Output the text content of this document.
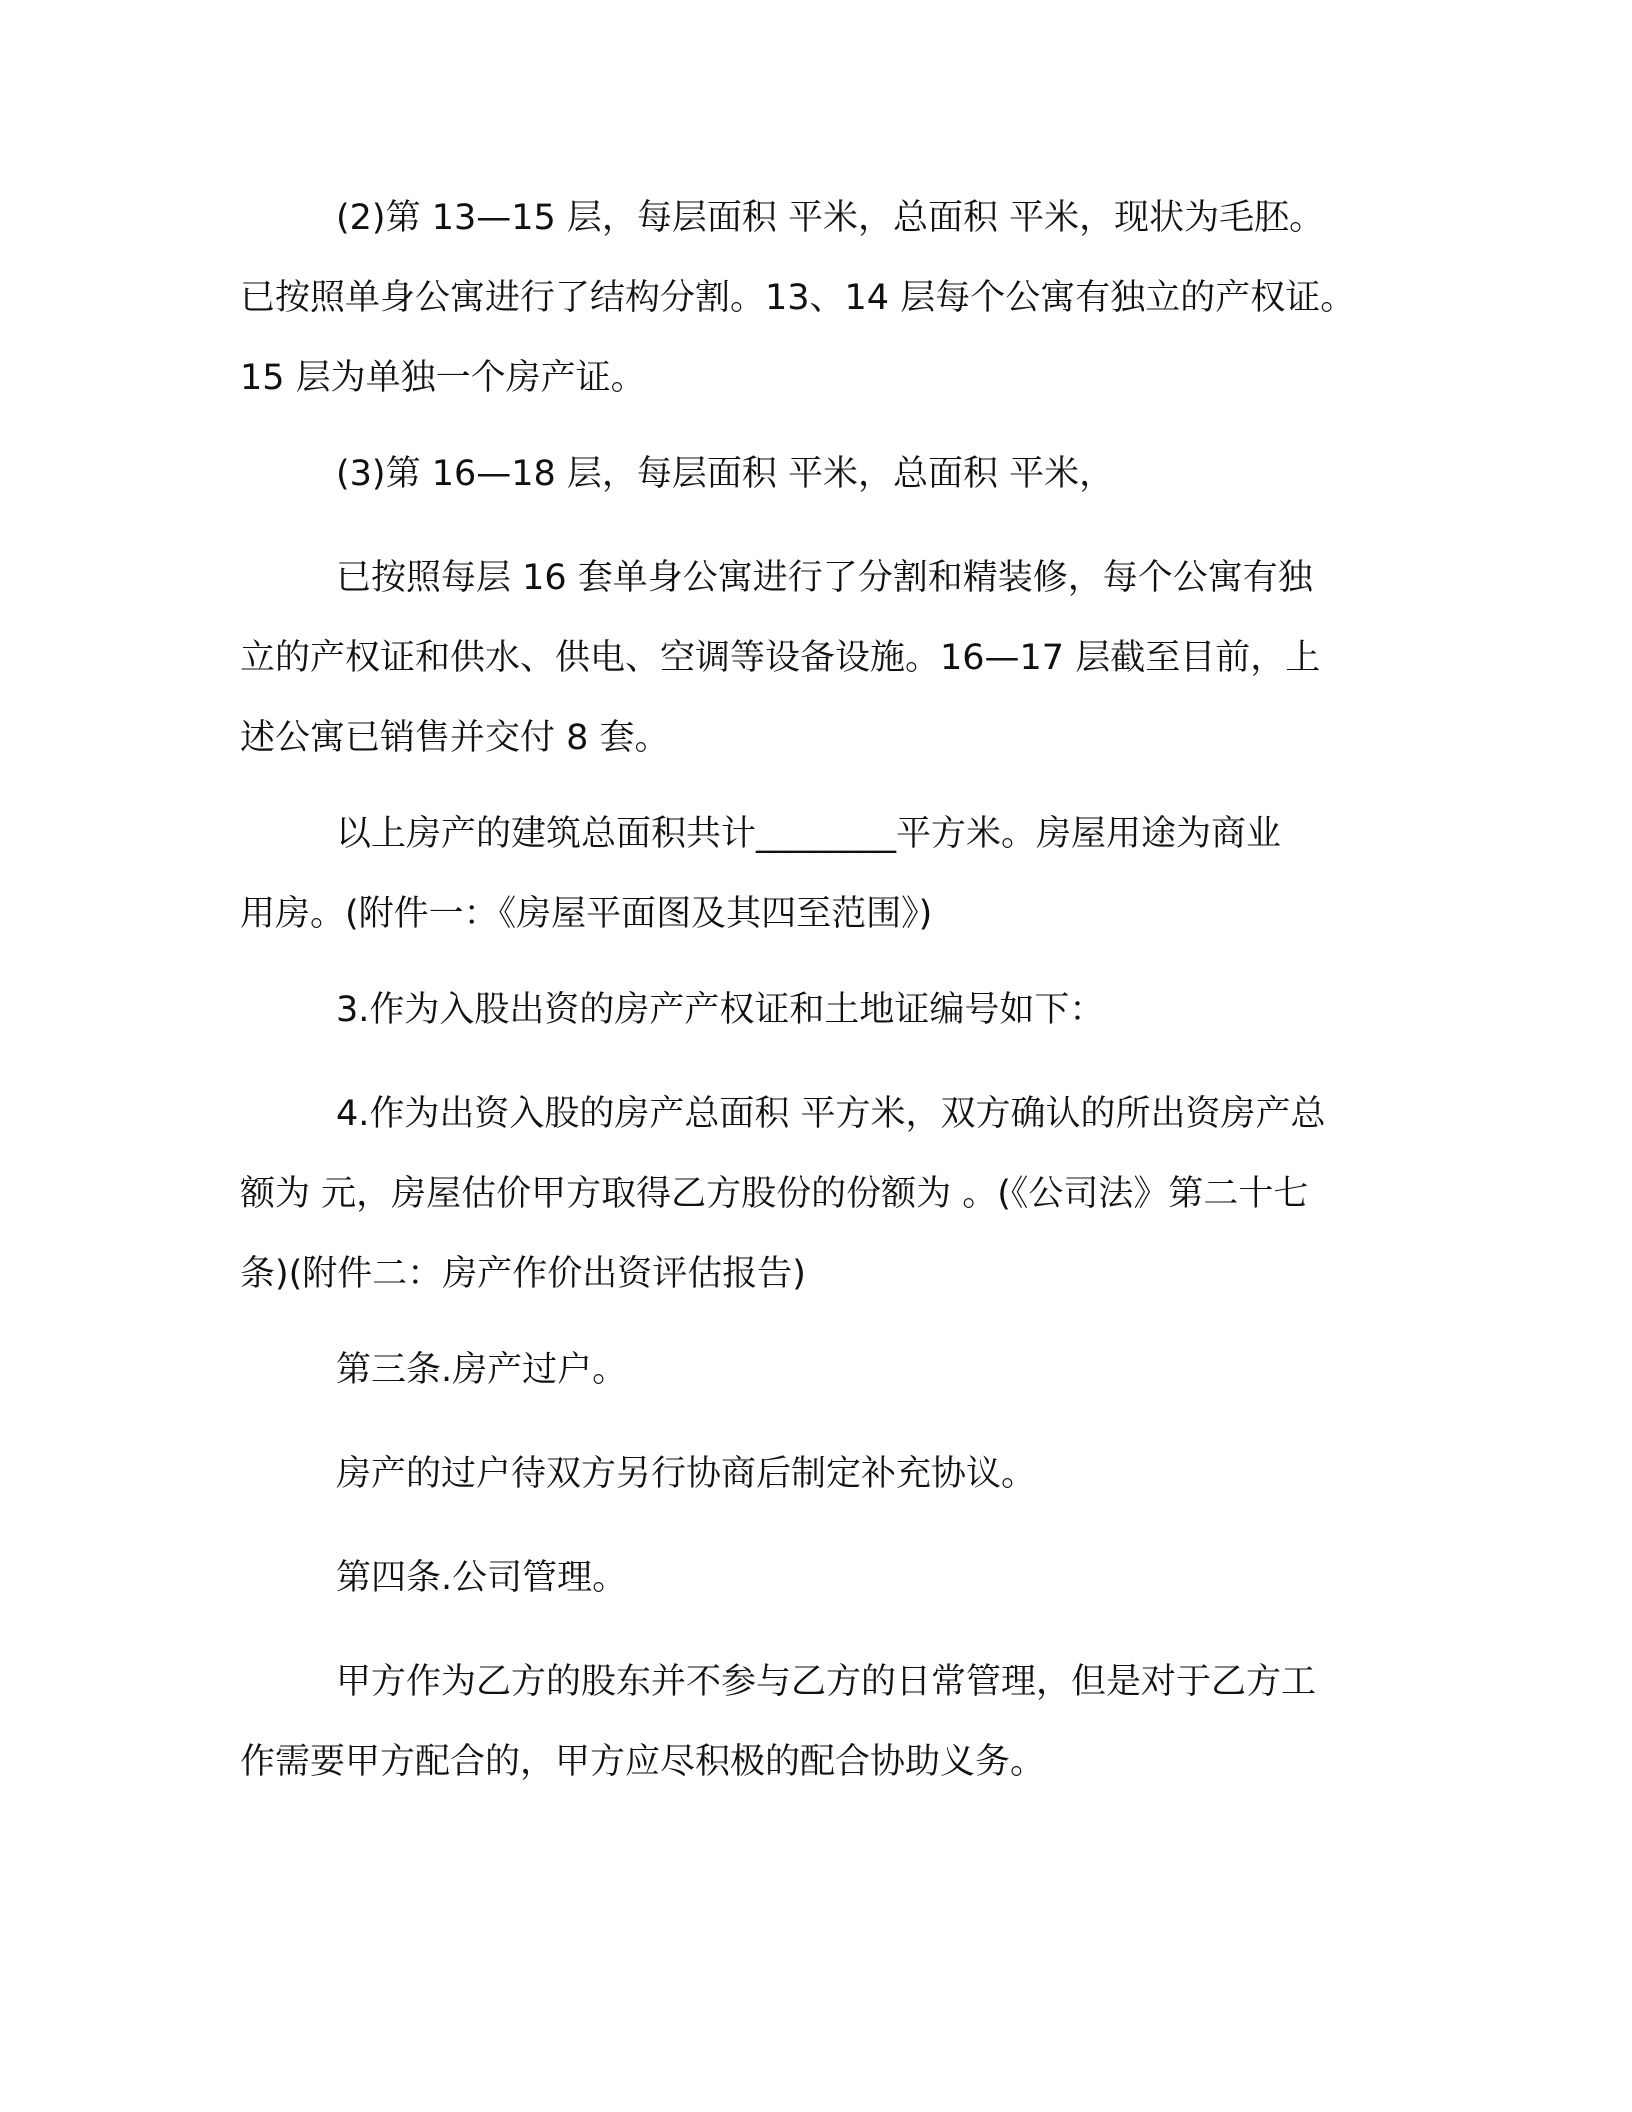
(2)第 13—15 层，每层面积 平米，总面积 平米，现状为毛胚。
已按照单身公寓进行了结构分割。13、14 层每个公寓有独立的产权证。
15 层为单独一个房产证。
(3)第 16—18 层，每层面积 平米，总面积 平米，
已按照每层 16 套单身公寓进行了分割和精装修，每个公寓有独
立的产权证和供水、供电、空调等设备设施。16—17 层截至目前，上
述公寓已销售并交付 8 套。
以上房产的建筑总面积共计________平方米。房屋用途为商业
用房。(附件一：《房屋平面图及其四至范围》)
3.作为入股出资的房产产权证和土地证编号如下：
4.作为出资入股的房产总面积 平方米，双方确认的所出资房产总
额为 元，房屋估价甲方取得乙方股份的份额为 。(《公司法》第二十七
条)(附件二：房产作价出资评估报告)
第三条.房产过户。
房产的过户待双方另行协商后制定补充协议。
第四条.公司管理。
甲方作为乙方的股东并不参与乙方的日常管理，但是对于乙方工
作需要甲方配合的，甲方应尽积极的配合协助义务。
